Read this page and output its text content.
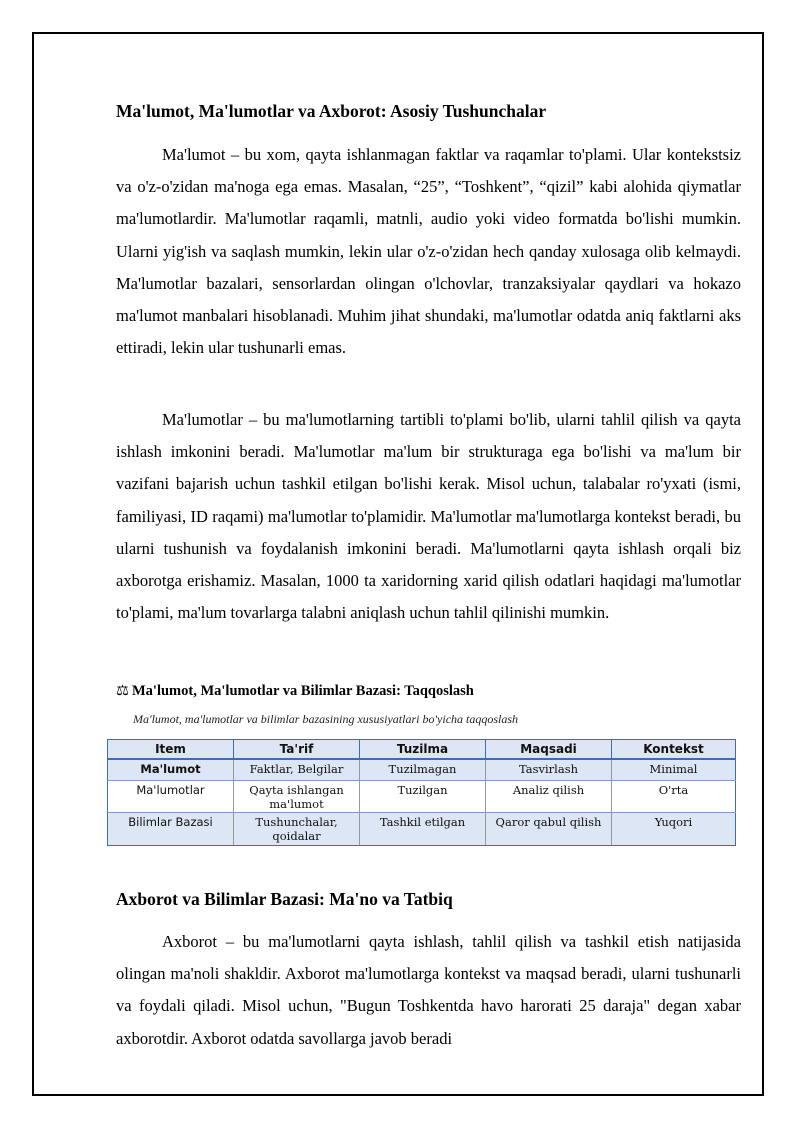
Ma'lumot, Ma'lumotlar va Axborot: Asosiy Tushunchalar

Ma'lumot – bu xom, qayta ishlanmagan faktlar va raqamlar to'plami. Ular kontekstsiz va o'z-o'zidan ma'noga ega emas. Masalan, “25”, “Toshkent”, “qizil” kabi alohida qiymatlar ma'lumotlardir. Ma'lumotlar raqamli, matnli, audio yoki video formatda bo'lishi mumkin. Ularni yig'ish va saqlash mumkin, lekin ular o'z-o'zidan hech qanday xulosaga olib kelmaydi. Ma'lumotlar bazalari, sensorlardan olingan o'lchovlar, tranzaksiyalar qaydlari va hokazo ma'lumot manbalari hisoblanadi. Muhim jihat shundaki, ma'lumotlar odatda aniq faktlarni aks ettiradi, lekin ular tushunarli emas.

Ma'lumotlar – bu ma'lumotlarning tartibli to'plami bo'lib, ularni tahlil qilish va qayta ishlash imkonini beradi. Ma'lumotlar ma'lum bir strukturaga ega bo'lishi va ma'lum bir vazifani bajarish uchun tashkil etilgan bo'lishi kerak. Misol uchun, talabalar ro'yxati (ismi, familiyasi, ID raqami) ma'lumotlar to'plamidir. Ma'lumotlar ma'lumotlarga kontekst beradi, bu ularni tushunish va foydalanish imkonini beradi. Ma'lumotlarni qayta ishlash orqali biz axborotga erishamiz. Masalan, 1000 ta xaridorning xarid qilish odatlari haqidagi ma'lumotlar to'plami, ma'lum tovarlarga talabni aniqlash uchun tahlil qilinishi mumkin.

⚖ Ma'lumot, Ma'lumotlar va Bilimlar Bazasi: Taqqoslash
Ma'lumot, ma'lumotlar va bilimlar bazasining xususiyatlari bo'yicha taqqoslash
Item	Ta'rif	Tuzilma	Maqsadi	Kontekst
Ma'lumot	Faktlar, Belgilar	Tuzilmagan	Tasvirlash	Minimal
Ma'lumotlar	Qayta ishlangan ma'lumot	Tuzilgan	Analiz qilish	O'rta
Bilimlar Bazasi	Tushunchalar, qoidalar	Tashkil etilgan	Qaror qabul qilish	Yuqori
Axborot va Bilimlar Bazasi: Ma'no va Tatbiq

Axborot – bu ma'lumotlarni qayta ishlash, tahlil qilish va tashkil etish natijasida olingan ma'noli shakldir. Axborot ma'lumotlarga kontekst va maqsad beradi, ularni tushunarli va foydali qiladi. Misol uchun, "Bugun Toshkentda havo harorati 25 daraja" degan xabar axborotdir. Axborot odatda savollarga javob beradi
